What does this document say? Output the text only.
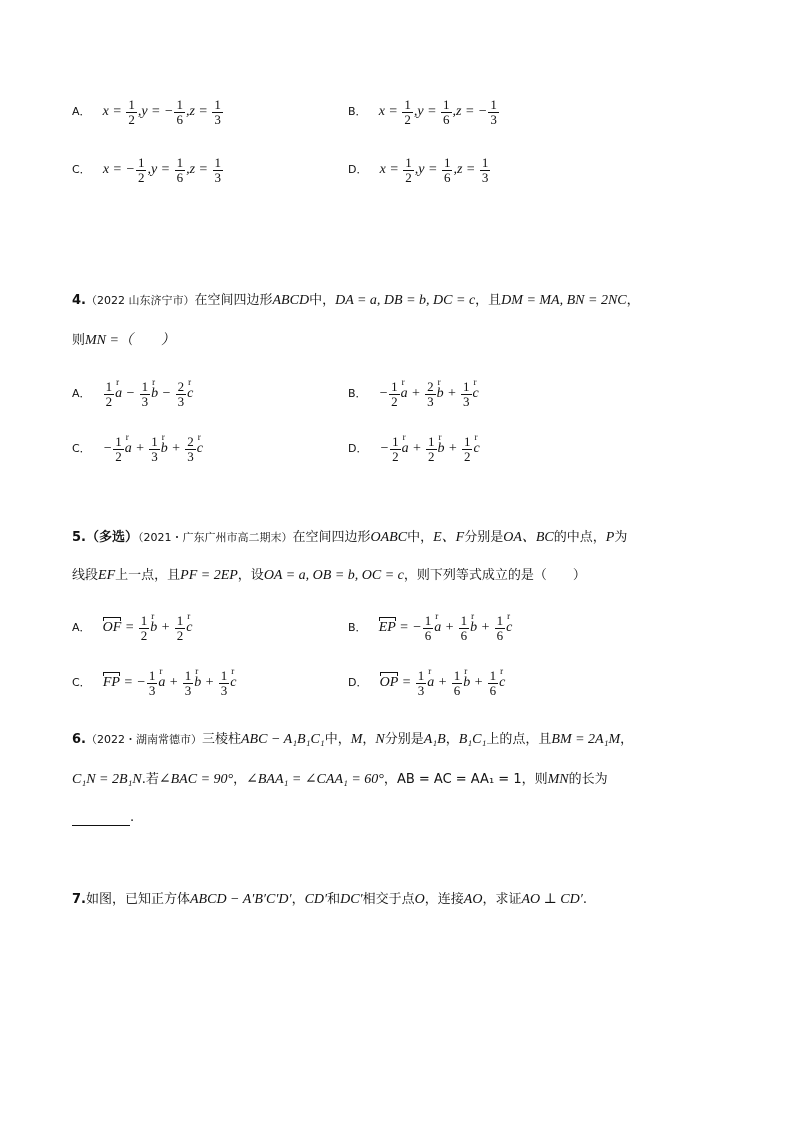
A． $x = \frac{1}{2} ,y$ = − $\frac{1}{6} ,z = \frac{1}{3}$	B． $x = \frac{1}{2} ,y = \frac{1}{6} ,z$ = − $\frac{1}{3}$
C． x = − $\frac{1}{2} ,y = \frac{1}{6} ,z = \frac{1}{3}$	D． $x = \frac{1}{2} ,y = \frac{1}{6} ,z = \frac{1}{3}$
4.（2022 山东济宁市）在空间四边形ABCD中，DA = a, DB = b, DC = c，且DM = MA, BN = 2NC，
则MN =（　　）
A． $\frac{1}{2}$ r $a - \frac{1}{3}$ r $b - \frac{2}{3}$ r c	B． − $\frac{1}{2}$ r $a + \frac{2}{3}$ r $b + \frac{1}{3}$ r c
C． − $\frac{1}{2}$ r $a + \frac{1}{3}$ r $b + \frac{2}{3}$ r c	D． − $\frac{1}{2}$ r $a + \frac{1}{2}$ r $b + \frac{1}{2}$ r c
5.（多选）（2021・广东广州市高二期末）在空间四边形OABC中，E、F分别是OA、BC的中点，P为
线段EF上一点，且PF = 2EP，设OA = a, OB = b, OC = c，则下列等式成立的是（　　）
A． OF = $\frac{1}{2}$ r $b + \frac{1}{2}$ r c	B． EP = − $\frac{1}{6}$ r $a + \frac{1}{6}$ r $b + \frac{1}{6}$ r c
C． FP = − $\frac{1}{3}$ r $a + \frac{1}{3}$ r $b + \frac{1}{3}$ r c	D． OP = $\frac{1}{3}$ r $a + \frac{1}{6}$ r $b + \frac{1}{6}$ r c
6.（2022・湖南常德市）三棱柱ABC − A₁B₁C₁中，M，N分别是A₁B，B₁C₁上的点，且BM = 2A₁M，
C₁N = 2B₁N.若∠BAC = 90°，∠BAA₁ = ∠CAA₁ = 60°，AB = AC = AA₁ = 1，则MN的长为
.
7.如图，已知正方体ABCD − A′B′C′D′，CD′和DC′相交于点O，连接AO，求证AO ⊥ CD′.
